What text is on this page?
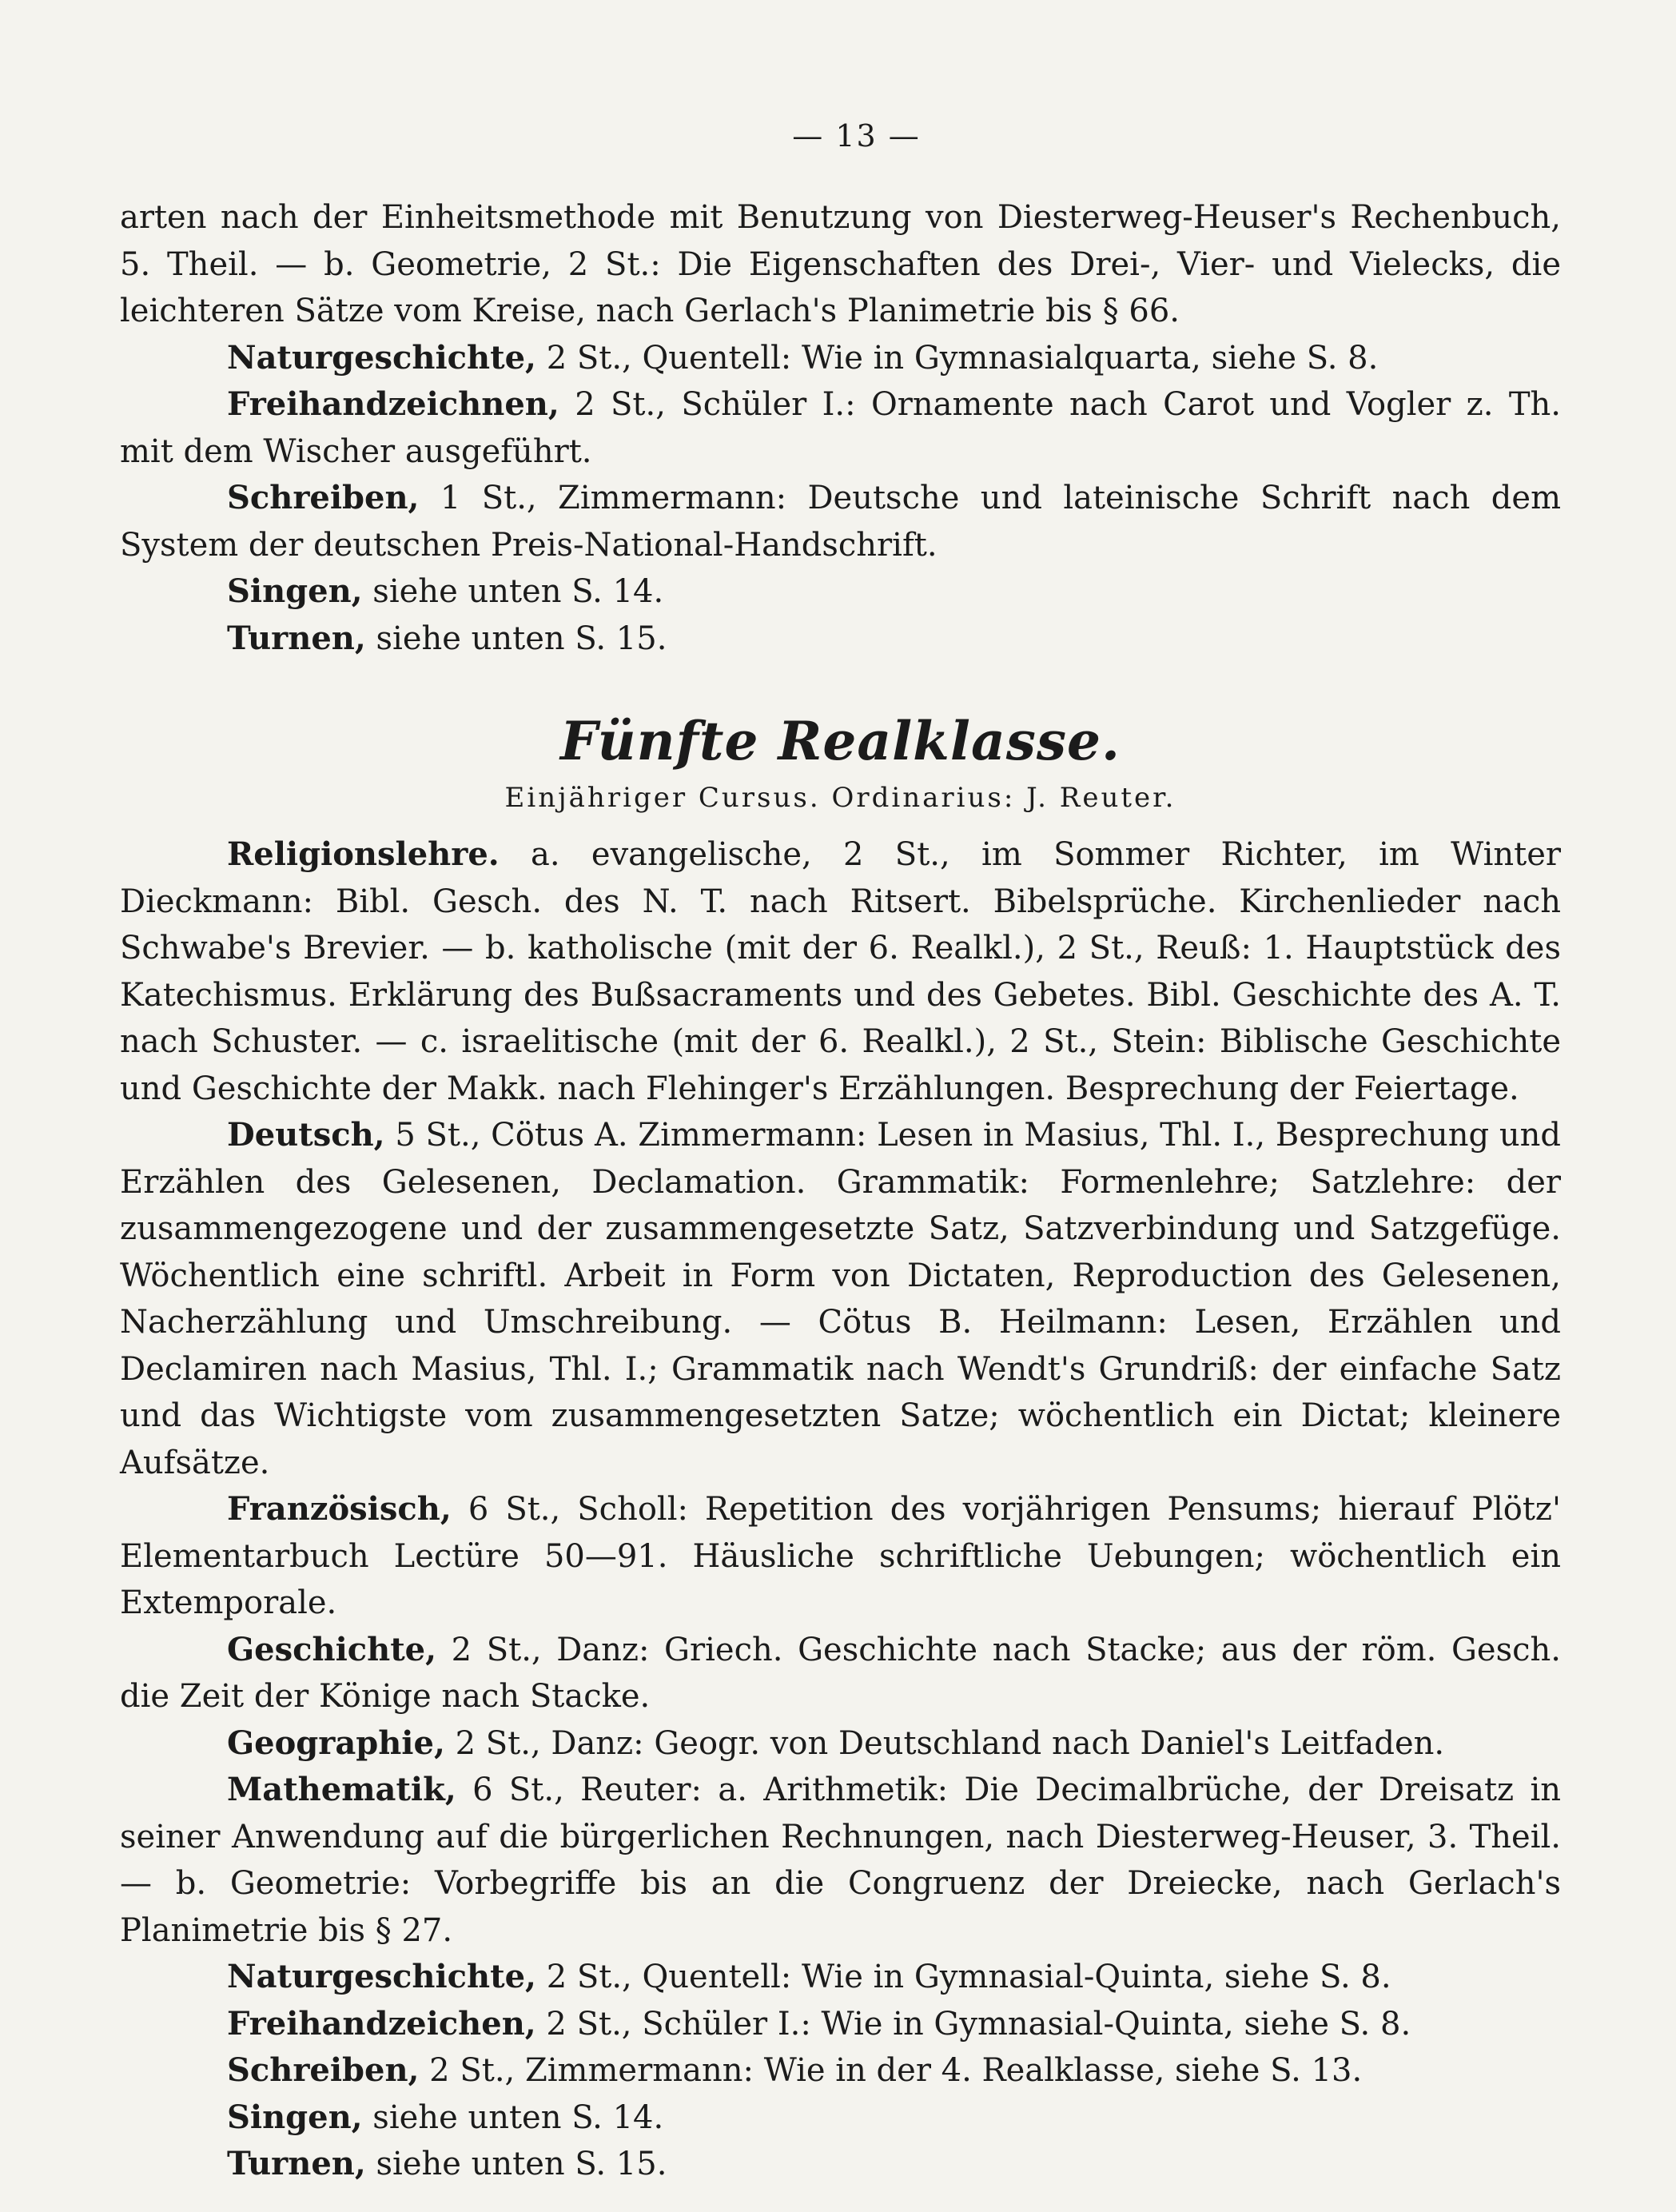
— 13 —

arten nach der Einheitsmethode mit Benutzung von Diesterweg-Heuser's Rechenbuch, 5. Theil. — b. Geometrie, 2 St.: Die Eigenschaften des Drei-, Vier- und Vielecks, die leichteren Sätze vom Kreise, nach Gerlach's Planimetrie bis § 66.

Naturgeschichte, 2 St., Quentell: Wie in Gymnasialquarta, siehe S. 8.

Freihandzeichnen, 2 St., Schüler I.: Ornamente nach Carot und Vogler z. Th. mit dem Wischer ausgeführt.

Schreiben, 1 St., Zimmermann: Deutsche und lateinische Schrift nach dem System der deutschen Preis-National-Handschrift.

Singen, siehe unten S. 14.

Turnen, siehe unten S. 15.

Fünfte Realklasse.
Einjähriger Cursus. Ordinarius: J. Reuter.

Religionslehre. a. evangelische, 2 St., im Sommer Richter, im Winter Dieckmann: Bibl. Gesch. des N. T. nach Ritsert. Bibelsprüche. Kirchenlieder nach Schwabe's Brevier. — b. katholische (mit der 6. Realkl.), 2 St., Reuß: 1. Hauptstück des Katechismus. Erklärung des Bußsacraments und des Gebetes. Bibl. Geschichte des A. T. nach Schuster. — c. israelitische (mit der 6. Realkl.), 2 St., Stein: Biblische Geschichte und Geschichte der Makk. nach Flehinger's Erzählungen. Besprechung der Feiertage.

Deutsch, 5 St., Cötus A. Zimmermann: Lesen in Masius, Thl. I., Besprechung und Erzählen des Gelesenen, Declamation. Grammatik: Formenlehre; Satzlehre: der zusammengezogene und der zusammengesetzte Satz, Satzverbindung und Satzgefüge. Wöchentlich eine schriftl. Arbeit in Form von Dictaten, Reproduction des Gelesenen, Nacherzählung und Umschreibung. — Cötus B. Heilmann: Lesen, Erzählen und Declamiren nach Masius, Thl. I.; Grammatik nach Wendt's Grundriß: der einfache Satz und das Wichtigste vom zusammengesetzten Satze; wöchentlich ein Dictat; kleinere Aufsätze.

Französisch, 6 St., Scholl: Repetition des vorjährigen Pensums; hierauf Plötz' Elementarbuch Lectüre 50—91. Häusliche schriftliche Uebungen; wöchentlich ein Extemporale.

Geschichte, 2 St., Danz: Griech. Geschichte nach Stacke; aus der röm. Gesch. die Zeit der Könige nach Stacke.

Geographie, 2 St., Danz: Geogr. von Deutschland nach Daniel's Leitfaden.

Mathematik, 6 St., Reuter: a. Arithmetik: Die Decimalbrüche, der Dreisatz in seiner Anwendung auf die bürgerlichen Rechnungen, nach Diesterweg-Heuser, 3. Theil. — b. Geometrie: Vorbegriffe bis an die Congruenz der Dreiecke, nach Gerlach's Planimetrie bis § 27.

Naturgeschichte, 2 St., Quentell: Wie in Gymnasial-Quinta, siehe S. 8.

Freihandzeichen, 2 St., Schüler I.: Wie in Gymnasial-Quinta, siehe S. 8.

Schreiben, 2 St., Zimmermann: Wie in der 4. Realklasse, siehe S. 13.

Singen, siehe unten S. 14.

Turnen, siehe unten S. 15.
